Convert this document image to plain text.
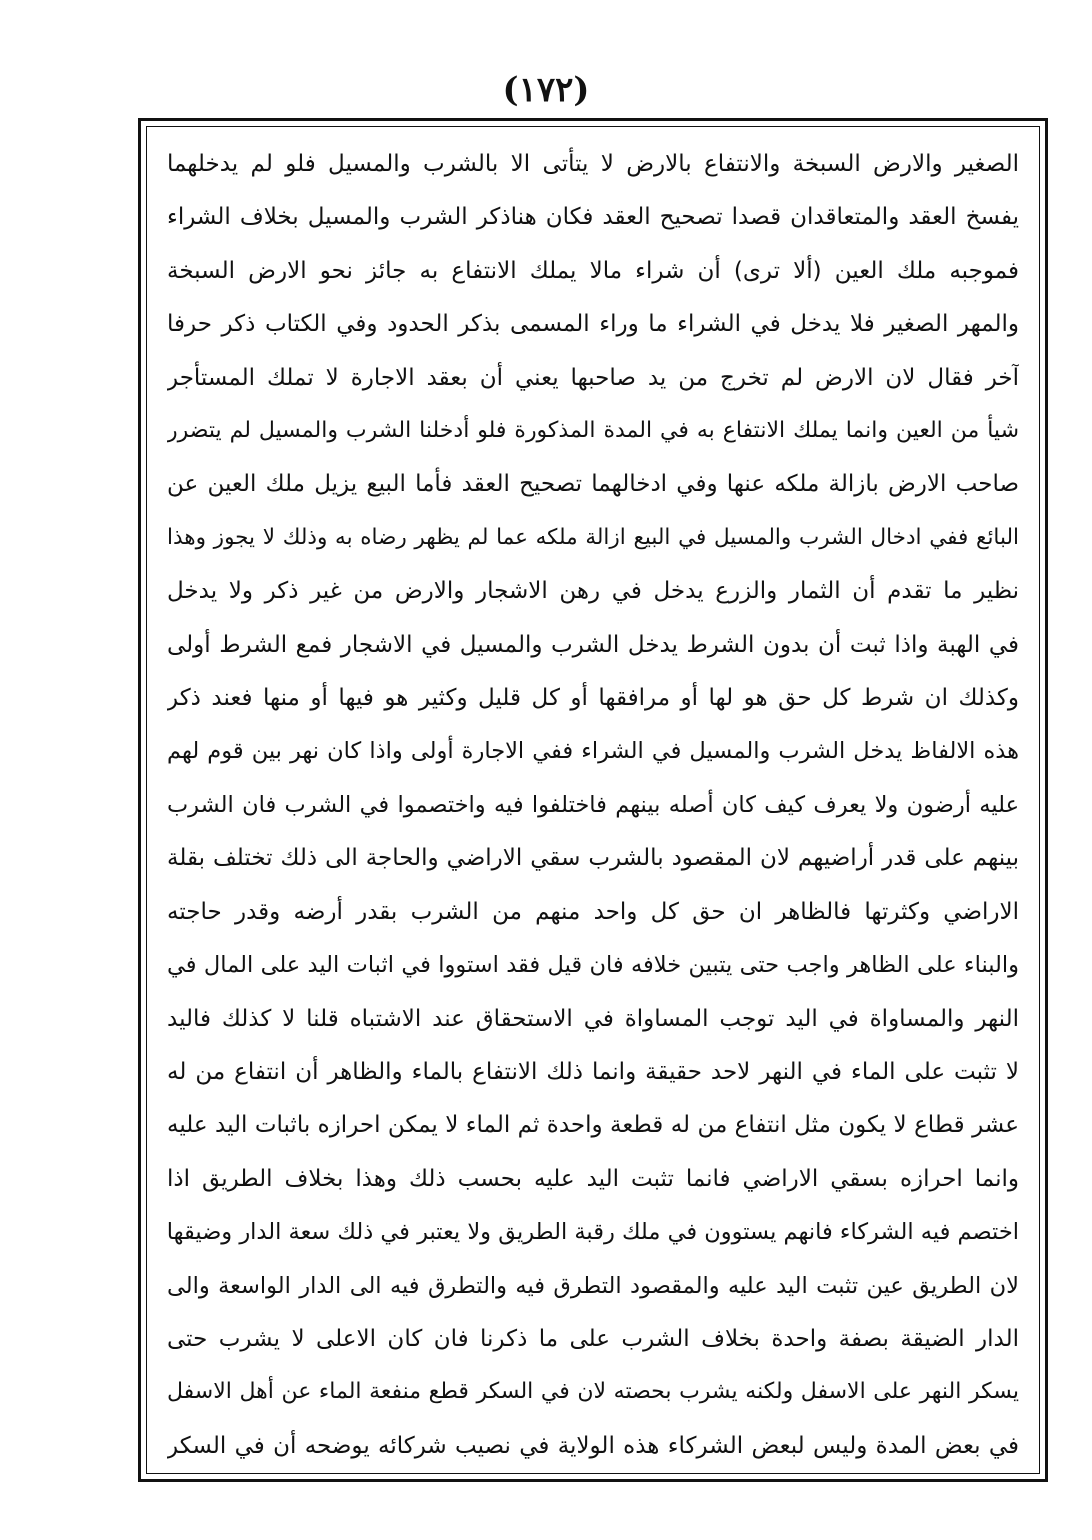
(١٧٢)
الصغير والارض السبخة والانتفاع بالارض لا يتأتى الا بالشرب والمسيل فلو لم يدخلهما
يفسخ العقد والمتعاقدان قصدا تصحيح العقد فكان هناذكر الشرب والمسيل بخلاف الشراء
فموجبه ملك العين (ألا ترى) أن شراء مالا يملك الانتفاع به جائز نحو الارض السبخة
والمهر الصغير فلا يدخل في الشراء ما وراء المسمى بذكر الحدود وفي الكتاب ذكر حرفا
آخر فقال لان الارض لم تخرج من يد صاحبها يعني أن بعقد الاجارة لا تملك المستأجر
شيأ من العين وانما يملك الانتفاع به في المدة المذكورة فلو أدخلنا الشرب والمسيل لم يتضرر
صاحب الارض بازالة ملكه عنها وفي ادخالهما تصحيح العقد فأما البيع يزيل ملك العين عن
البائع ففي ادخال الشرب والمسيل في البيع ازالة ملكه عما لم يظهر رضاه به وذلك لا يجوز وهذا
نظير ما تقدم أن الثمار والزرع يدخل في رهن الاشجار والارض من غير ذكر ولا يدخل
في الهبة واذا ثبت أن بدون الشرط يدخل الشرب والمسيل في الاشجار فمع الشرط أولى
وكذلك ان شرط كل حق هو لها أو مرافقها أو كل قليل وكثير هو فيها أو منها فعند ذكر
هذه الالفاظ يدخل الشرب والمسيل في الشراء ففي الاجارة أولى واذا كان نهر بين قوم لهم
عليه أرضون ولا يعرف كيف كان أصله بينهم فاختلفوا فيه واختصموا في الشرب فان الشرب
بينهم على قدر أراضيهم لان المقصود بالشرب سقي الاراضي والحاجة الى ذلك تختلف بقلة
الاراضي وكثرتها فالظاهر ان حق كل واحد منهم من الشرب بقدر أرضه وقدر حاجته
والبناء على الظاهر واجب حتى يتبين خلافه فان قيل فقد استووا في اثبات اليد على المال في
النهر والمساواة في اليد توجب المساواة في الاستحقاق عند الاشتباه قلنا لا كذلك فاليد
لا تثبت على الماء في النهر لاحد حقيقة وانما ذلك الانتفاع بالماء والظاهر أن انتفاع من له
عشر قطاع لا يكون مثل انتفاع من له قطعة واحدة ثم الماء لا يمكن احرازه باثبات اليد عليه
وانما احرازه بسقي الاراضي فانما تثبت اليد عليه بحسب ذلك وهذا بخلاف الطريق اذا
اختصم فيه الشركاء فانهم يستوون في ملك رقبة الطريق ولا يعتبر في ذلك سعة الدار وضيقها
لان الطريق عين تثبت اليد عليه والمقصود التطرق فيه والتطرق فيه الى الدار الواسعة والى
الدار الضيقة بصفة واحدة بخلاف الشرب على ما ذكرنا فان كان الاعلى لا يشرب حتى
يسكر النهر على الاسفل ولكنه يشرب بحصته لان في السكر قطع منفعة الماء عن أهل الاسفل
في بعض المدة وليس لبعض الشركاء هذه الولاية في نصيب شركائه يوضحه أن في السكر
